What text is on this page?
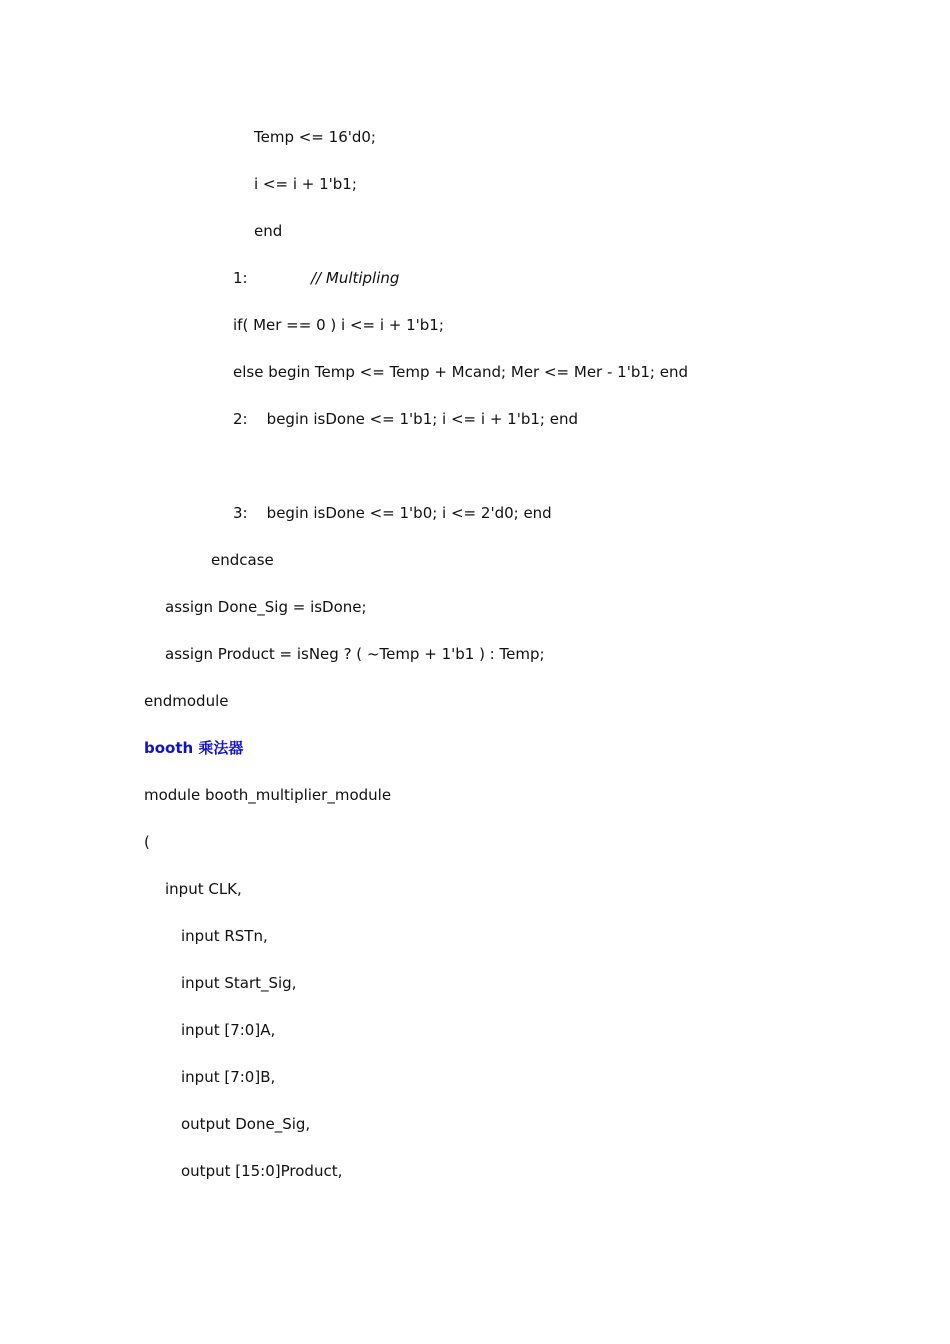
Temp <= 16'd0;
i <= i + 1'b1;
end
1:	// Multipling
if( Mer == 0 ) i <= i + 1'b1;
else begin Temp <= Temp + Mcand; Mer <= Mer - 1'b1; end
2:    begin isDone <= 1'b1; i <= i + 1'b1; end
3:    begin isDone <= 1'b0; i <= 2'd0; end
endcase
assign Done_Sig = isDone;
assign Product = isNeg ? ( ~Temp + 1'b1 ) : Temp;
endmodule
booth 乘法器
module booth_multiplier_module
(
input CLK,
input RSTn,
input Start_Sig,
input [7:0]A,
input [7:0]B,
output Done_Sig,
output [15:0]Product,
